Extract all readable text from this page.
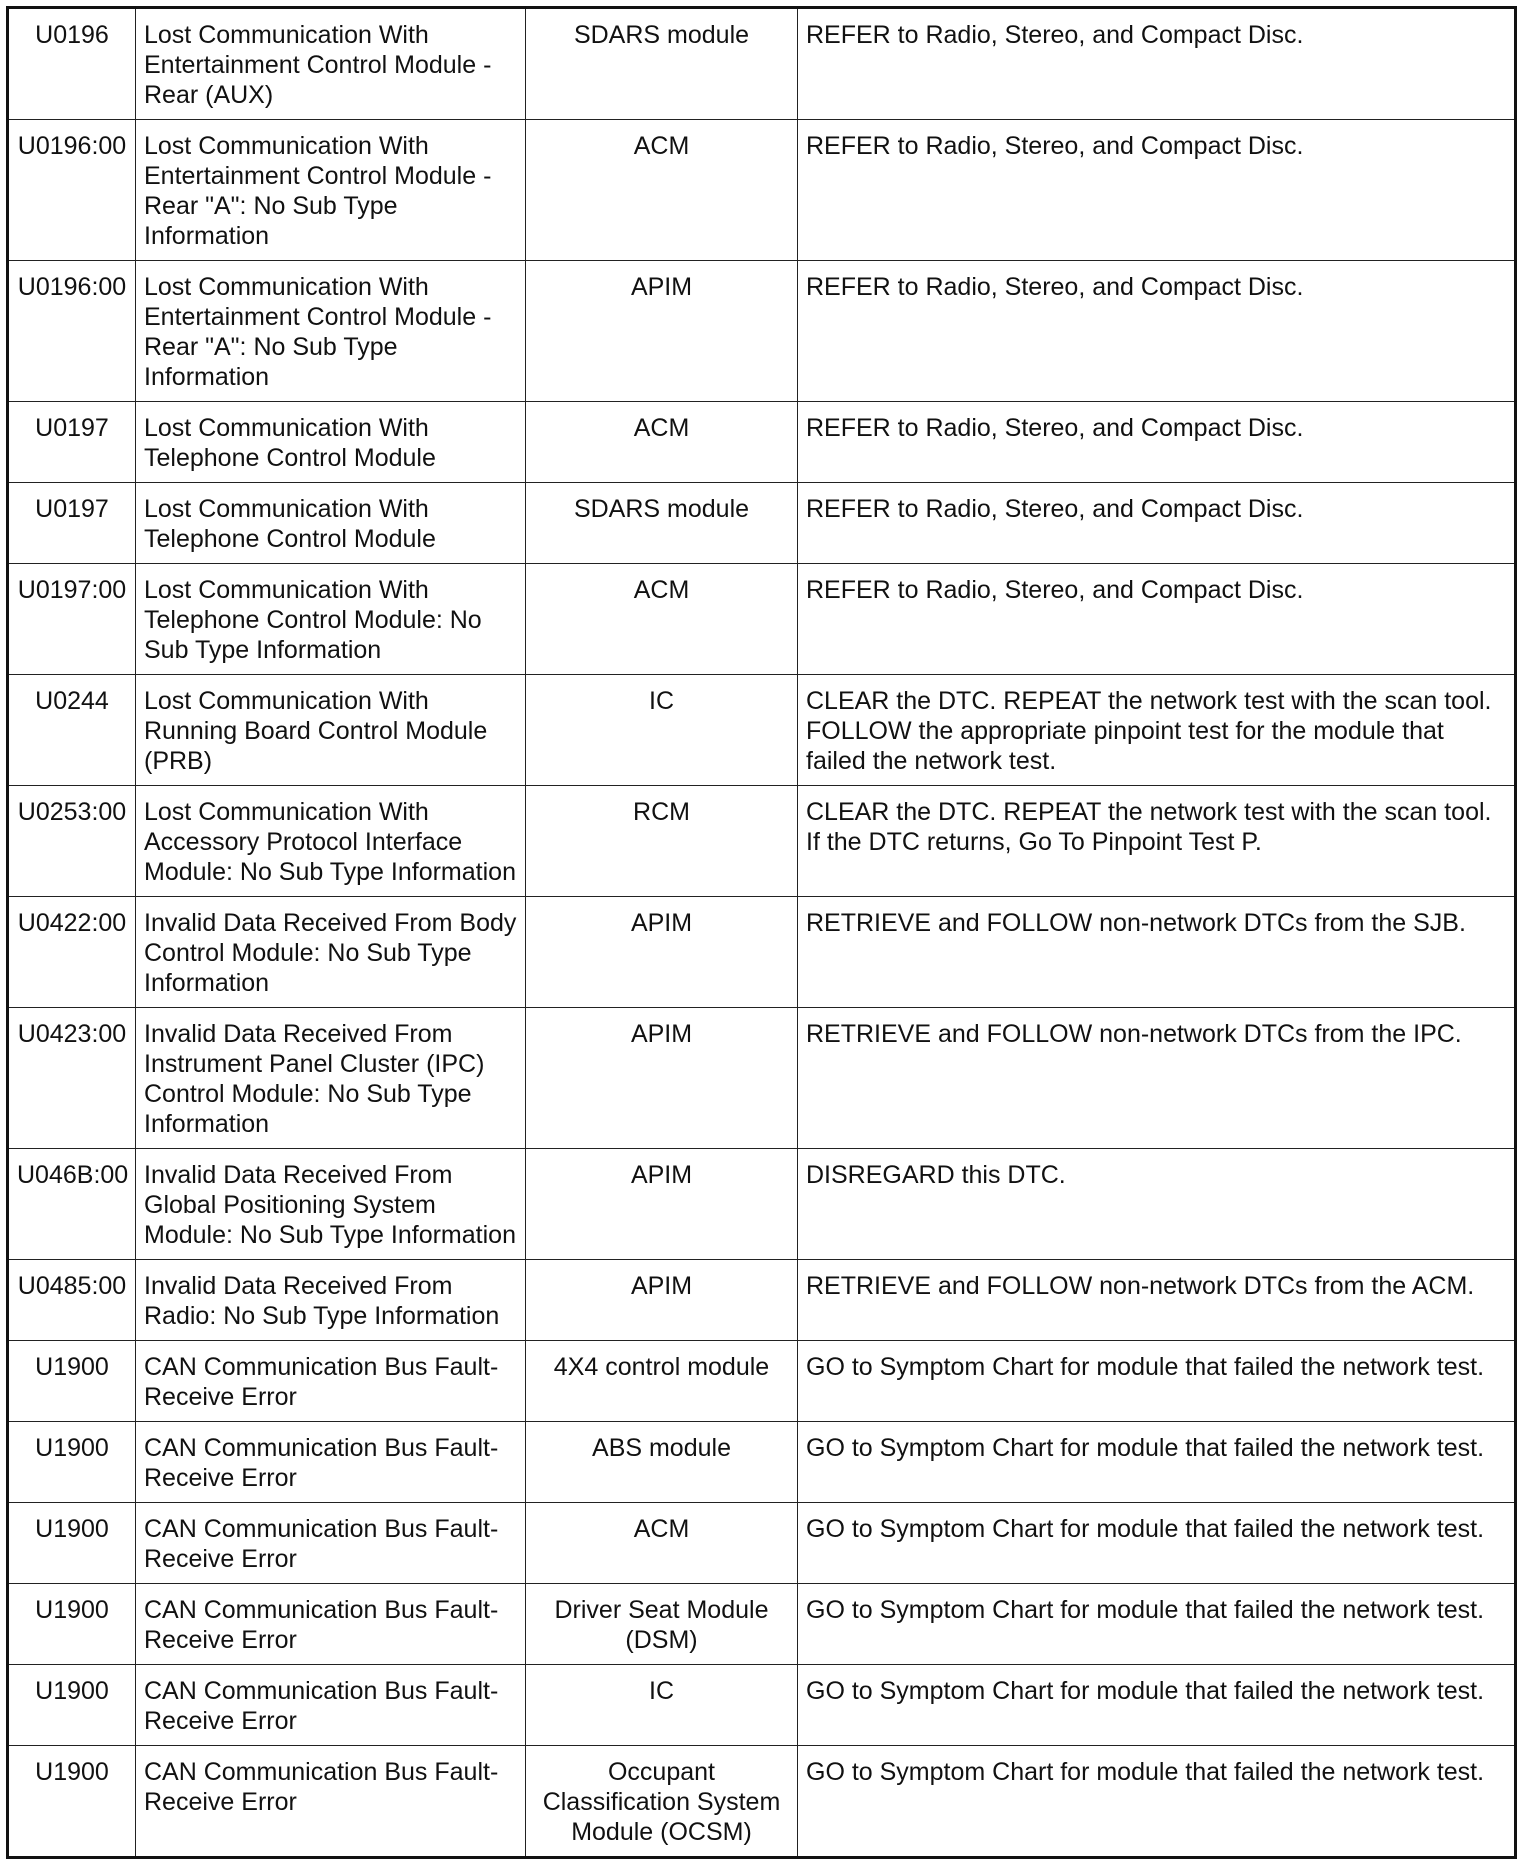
U0196	Lost Communication With Entertainment Control Module - Rear (AUX)	SDARS module	REFER to Radio, Stereo, and Compact Disc.
U0196:00	Lost Communication With Entertainment Control Module - Rear "A": No Sub Type Information	ACM	REFER to Radio, Stereo, and Compact Disc.
U0196:00	Lost Communication With Entertainment Control Module - Rear "A": No Sub Type Information	APIM	REFER to Radio, Stereo, and Compact Disc.
U0197	Lost Communication With Telephone Control Module	ACM	REFER to Radio, Stereo, and Compact Disc.
U0197	Lost Communication With Telephone Control Module	SDARS module	REFER to Radio, Stereo, and Compact Disc.
U0197:00	Lost Communication With Telephone Control Module: No Sub Type Information	ACM	REFER to Radio, Stereo, and Compact Disc.
U0244	Lost Communication With Running Board Control Module (PRB)	IC	CLEAR the DTC. REPEAT the network test with the scan tool. FOLLOW the appropriate pinpoint test for the module that failed the network test.
U0253:00	Lost Communication With Accessory Protocol Interface Module: No Sub Type Information	RCM	CLEAR the DTC. REPEAT the network test with the scan tool. If the DTC returns, Go To Pinpoint Test P.
U0422:00	Invalid Data Received From Body Control Module: No Sub Type Information	APIM	RETRIEVE and FOLLOW non-network DTCs from the SJB.
U0423:00	Invalid Data Received From Instrument Panel Cluster (IPC) Control Module: No Sub Type Information	APIM	RETRIEVE and FOLLOW non-network DTCs from the IPC.
U046B:00	Invalid Data Received From Global Positioning System Module: No Sub Type Information	APIM	DISREGARD this DTC.
U0485:00	Invalid Data Received From Radio: No Sub Type Information	APIM	RETRIEVE and FOLLOW non-network DTCs from the ACM.
U1900	CAN Communication Bus Fault-Receive Error	4X4 control module	GO to Symptom Chart for module that failed the network test.
U1900	CAN Communication Bus Fault-Receive Error	ABS module	GO to Symptom Chart for module that failed the network test.
U1900	CAN Communication Bus Fault-Receive Error	ACM	GO to Symptom Chart for module that failed the network test.
U1900	CAN Communication Bus Fault-Receive Error	Driver Seat Module (DSM)	GO to Symptom Chart for module that failed the network test.
U1900	CAN Communication Bus Fault-Receive Error	IC	GO to Symptom Chart for module that failed the network test.
U1900	CAN Communication Bus Fault-Receive Error	Occupant Classification System Module (OCSM)	GO to Symptom Chart for module that failed the network test.
